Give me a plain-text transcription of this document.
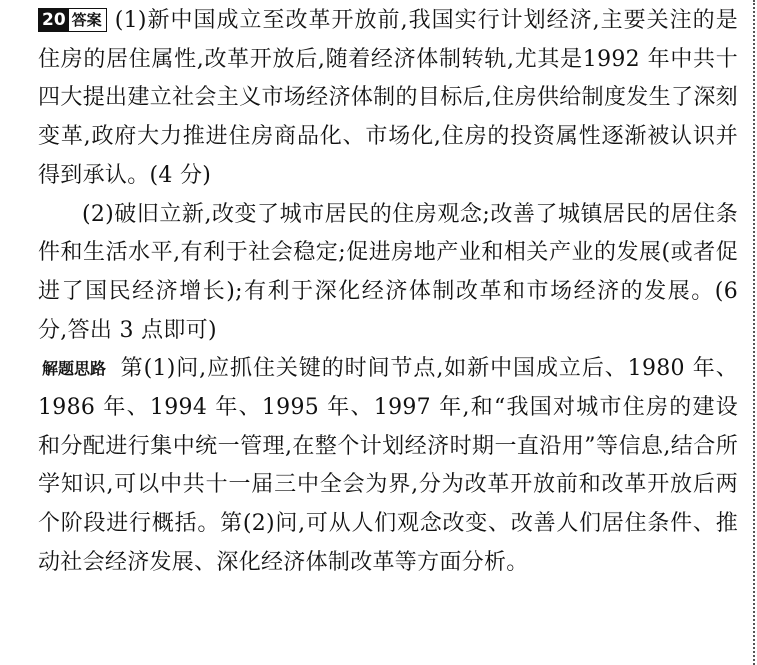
20 答案 (1)新中国成立至改革开放前,我国实行计划经济,主要关注的是住房的居住属性,改革开放后,随着经济体制转轨,尤其是1992 年中共十四大提出建立社会主义市场经济体制的目标后,住房供给制度发生了深刻变革,政府大力推进住房商品化、市场化,住房的投资属性逐渐被认识并得到承认。(4 分)

(2)破旧立新,改变了城市居民的住房观念;改善了城镇居民的居住条件和生活水平,有利于社会稳定;促进房地产业和相关产业的发展(或者促进了国民经济增长);有利于深化经济体制改革和市场经济的发展。(6 分,答出 3 点即可)

解题思路 第(1)问,应抓住关键的时间节点,如新中国成立后、1980 年、1986 年、1994 年、1995 年、1997 年,和“我国对城市住房的建设和分配进行集中统一管理,在整个计划经济时期一直沿用”等信息,结合所学知识,可以中共十一届三中全会为界,分为改革开放前和改革开放后两个阶段进行概括。第(2)问,可从人们观念改变、改善人们居住条件、推动社会经济发展、深化经济体制改革等方面分析。
